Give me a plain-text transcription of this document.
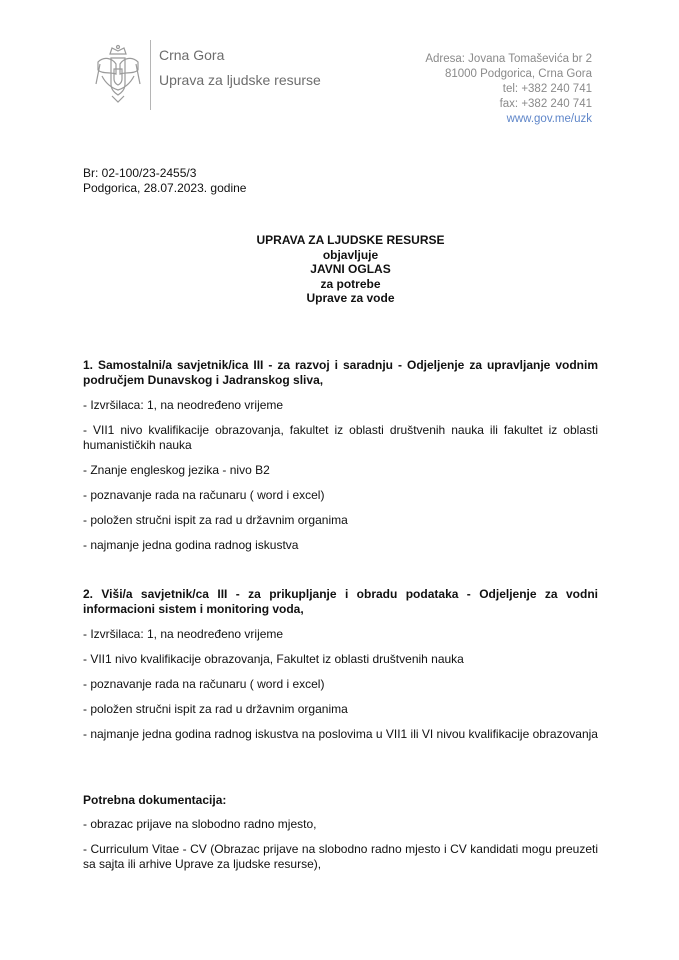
Crna Gora
Uprava za ljudske resurse
Adresa: Jovana Tomaševića br 2
81000 Podgorica, Crna Gora
tel: +382 240 741
fax: +382 240 741
www.gov.me/uzk
Br: 02-100/23-2455/3
Podgorica, 28.07.2023. godine
UPRAVA ZA LJUDSKE RESURSE
objavljuje
JAVNI OGLAS
za potrebe
Uprave za vode
1. Samostalni/a savjetnik/ica III - za razvoj i saradnju - Odjeljenje za upravljanje vodnim područjem Dunavskog i Jadranskog sliva,
- Izvršilaca: 1, na neodređeno vrijeme
- VII1 nivo kvalifikacije obrazovanja, fakultet iz oblasti društvenih nauka ili fakultet iz oblasti humanističkih nauka
- Znanje engleskog jezika - nivo B2
- poznavanje rada na računaru ( word i excel)
- položen stručni ispit za rad u državnim organima
- najmanje jedna godina radnog iskustva
2. Viši/a savjetnik/ca III - za prikupljanje i obradu podataka - Odjeljenje za vodni informacioni sistem i monitoring voda,
- Izvršilaca: 1, na neodređeno vrijeme
- VII1 nivo kvalifikacije obrazovanja, Fakultet iz oblasti društvenih nauka
- poznavanje rada na računaru ( word i excel)
- položen stručni ispit za rad u državnim organima
- najmanje jedna godina radnog iskustva na poslovima u VII1 ili VI nivou kvalifikacije obrazovanja
Potrebna dokumentacija:
- obrazac prijave na slobodno radno mjesto,
- Curriculum Vitae - CV (Obrazac prijave na slobodno radno mjesto i CV kandidati mogu preuzeti sa sajta ili arhive Uprave za ljudske resurse),
